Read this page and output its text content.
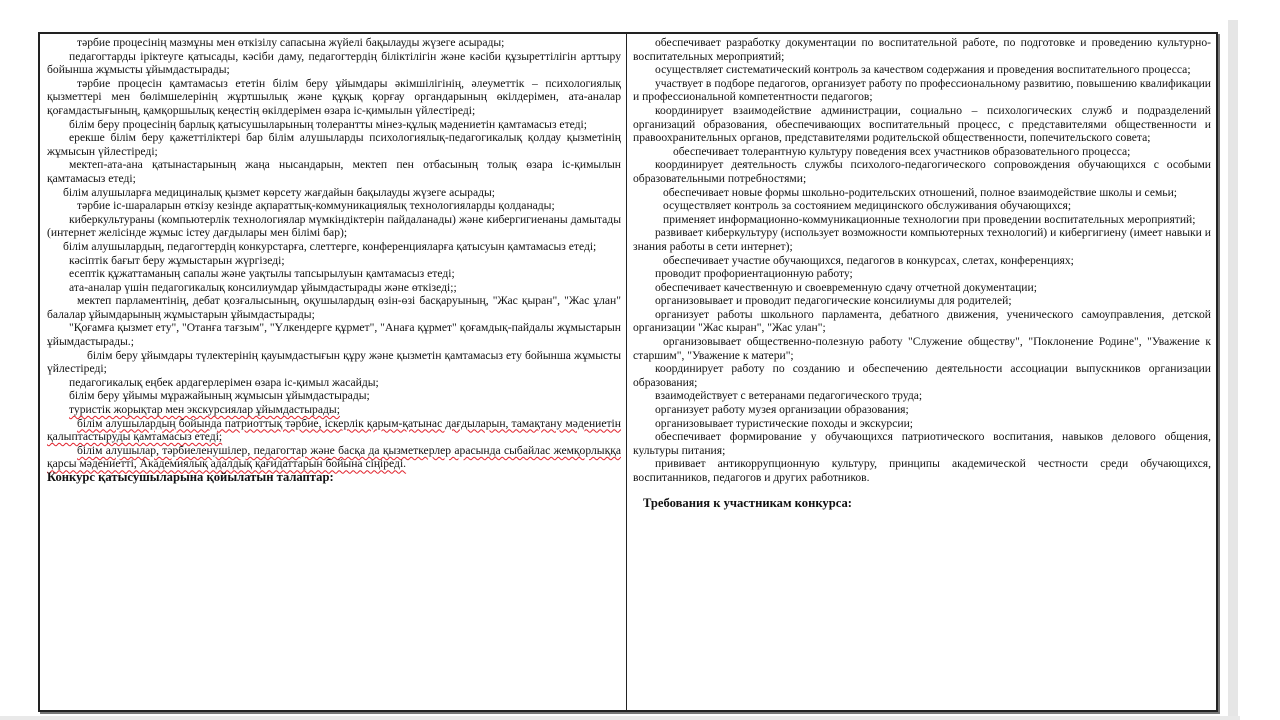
тәрбие процесінің мазмұны мен өткізілу сапасына жүйелі бақылауды жүзеге асырады;

педагогтарды іріктеуге қатысады, кәсіби даму, педагогтердің біліктілігін және кәсіби құзыреттілігін арттыру бойынша жұмысты ұйымдастырады;

тәрбие процесін қамтамасыз ететін білім беру ұйымдары әкімшілігінің, әлеуметтік – психологиялық қызметтері мен бөлімшелерінің жұртшылық және құқық қорғау органдарының өкілдерімен, ата-аналар қоғамдастығының, қамқоршылық кеңестің өкілдерімен өзара іс-қимылын үйлестіреді;

білім беру процесінің барлық қатысушыларының толерантты мінез-құлық мәдениетін қамтамасыз етеді;

ерекше білім беру қажеттіліктері бар білім алушыларды психологиялық-педагогикалық қолдау қызметінің жұмысын үйлестіреді;

мектеп-ата-ана қатынастарының жаңа нысандарын, мектеп пен отбасының толық өзара іс-қимылын қамтамасыз етеді;

білім алушыларға медициналық қызмет көрсету жағдайын бақылауды жүзеге асырады;

тәрбие іс-шараларын өткізу кезінде ақпараттық-коммуникациялық технологияларды қолданады;

киберкультураны (компьютерлік технологиялар мүмкіндіктерін пайдаланады) және кибергигиенаны дамытады (интернет желісінде жұмыс істеу дағдылары мен білімі бар);

білім алушылардың, педагогтердің конкурстарға, слеттерге, конференцияларға қатысуын қамтамасыз етеді;

кәсіптік бағыт беру жұмыстарын жүргізеді;

есептік құжаттаманың сапалы және уақтылы тапсырылуын қамтамасыз етеді;

ата-аналар үшін педагогикалық консилиумдар ұйымдастырады және өткізеді;;

мектеп парламентінің, дебат қозғалысының, оқушылардың өзін-өзі басқаруының, "Жас қыран", "Жас ұлан" балалар ұйымдарының жұмыстарын ұйымдастырады;

"Қоғамға қызмет ету", "Отанға тағзым", "Үлкендерге құрмет", "Анаға құрмет" қоғамдық-пайдалы жұмыстарын ұйымдастырады.;

білім беру ұйымдары түлектерінің қауымдастығын құру және қызметін қамтамасыз ету бойынша жұмысты үйлестіреді;

педагогикалық еңбек ардагерлерімен өзара іс-қимыл жасайды;

білім беру ұйымы мұражайының жұмысын ұйымдастырады;

туристік жорықтар мен экскурсиялар ұйымдастырады;

білім алушылардың бойында патриоттық тәрбие, іскерлік қарым-қатынас дағдыларын, тамақтану мәдениетін қалыптастыруды қамтамасыз етеді;

білім алушылар, тәрбиеленушілер, педагогтар және басқа да қызметкерлер арасында сыбайлас жемқорлыққа қарсы мәдениетті, Академиялық адалдық қағидаттарын бойына сіңіреді.

Конкурс қатысушыларына қойылатын талаптар:

обеспечивает разработку документации по воспитательной работе, по подготовке и проведению культурно-воспитательных мероприятий;

осуществляет систематический контроль за качеством содержания и проведения воспитательного процесса;

участвует в подборе педагогов, организует работу по профессиональному развитию, повышению квалификации и профессиональной компетентности педагогов;

координирует взаимодействие администрации, социально – психологических служб и подразделений организаций образования, обеспечивающих воспитательный процесс, с представителями общественности и правоохранительных органов, представителями родительской общественности, попечительского совета;

обеспечивает толерантную культуру поведения всех участников образовательного процесса;

координирует деятельность службы психолого-педагогического сопровождения обучающихся с особыми образовательными потребностями;

обеспечивает новые формы школьно-родительских отношений, полное взаимодействие школы и семьи;

осуществляет контроль за состоянием медицинского обслуживания обучающихся;

применяет информационно-коммуникационные технологии при проведении воспитательных мероприятий;

развивает киберкультуру (использует возможности компьютерных технологий) и кибергигиену (имеет навыки и знания работы в сети интернет);

обеспечивает участие обучающихся, педагогов в конкурсах, слетах, конференциях;

проводит профориентационную работу;

обеспечивает качественную и своевременную сдачу отчетной документации;

организовывает и проводит педагогические консилиумы для родителей;

организует работы школьного парламента, дебатного движения, ученического самоуправления, детской организации "Жас кыран", "Жас улан";

организовывает общественно-полезную работу "Служение обществу", "Поклонение Родине", "Уважение к старшим", "Уважение к матери";

координирует работу по созданию и обеспечению деятельности ассоциации выпускников организации образования;

взаимодействует с ветеранами педагогического труда;

организует работу музея организации образования;

организовывает туристические походы и экскурсии;

обеспечивает формирование у обучающихся патриотического воспитания, навыков делового общения, культуры питания;

прививает антикоррупционную культуру, принципы академической честности среди обучающихся, воспитанников, педагогов и других работников.

Требования к участникам конкурса:
